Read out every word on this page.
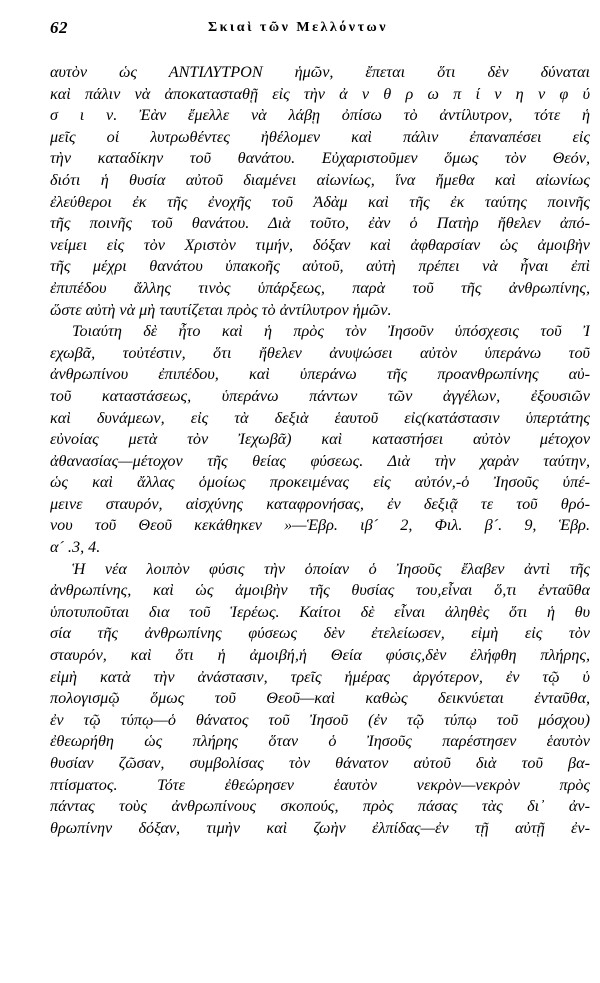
62	Σκιαὶ τῶν Μελλόντων
αυτὸν ὡς ΑΝΤΙΛΥΤΡΟΝ ἡμῶν, ἔπεται ὅτι δὲν δύναται
καὶ πάλιν νὰ ἀποκατασταθῇ εἰς τὴν ἀ ν θ ρ ω π ί ν η ν φ ύ
σ ι ν. Ἐὰν ἔμελλε νὰ λάβῃ ὀπίσω τὸ ἀντίλυτρον, τότε ἡ
μεῖς οἱ λυτρωθέντες ἠθέλομεν καὶ πάλιν ἐπαναπέσει εἰς
τὴν καταδίκην τοῦ θανάτου. Εὐχαριστοῦμεν ὅμως τὸν Θεόν,
διότι ἡ θυσία αὐτοῦ διαμένει αἰωνίως, ἵνα ἤμεθα καὶ αἰωνίως
ἐλεύθεροι ἐκ τῆς ἐνοχῆς τοῦ Ἀδὰμ καὶ τῆς ἐκ ταύτης ποινῆς
τῆς ποινῆς τοῦ θανάτου. Διὰ τοῦτο, ἐὰν ὁ Πατὴρ ἤθελεν ἀπό-
νείμει εἰς τὸν Χριστὸν τιμήν, δόξαν καὶ ἀφθαρσίαν ὡς ἀμοιβὴν
τῆς μέχρι θανάτου ὑπακοῆς αὐτοῦ, αὐτὴ πρέπει νὰ ἦναι ἐπὶ
ἐπιπέδου ἄλλης τινὸς ὑπάρξεως, παρὰ τοῦ τῆς ἀνθρωπίνης,
ὥστε αὐτὴ νὰ μὴ ταυτίζεται πρὸς τὸ ἀντίλυτρον ἡμῶν.
Τοιαύτη δὲ ἦτο καὶ ἡ πρὸς τὸν Ἰησοῦν ὑπόσχεσις τοῦ Ἰ
εχωβᾶ, τοὐτέστιν, ὅτι ἤθελεν ἀνυψώσει αὐτὸν ὑπεράνω τοῦ
ἀνθρωπίνου ἐπιπέδου, καὶ ὑπεράνω τῆς προανθρωπίνης αὐ-
τοῦ καταστάσεως, ὑπεράνω πάντων τῶν ἀγγέλων, ἐξουσιῶν
καὶ δυνάμεων, εἰς τὰ δεξιὰ ἑαυτοῦ εἰς(κατάστασιν ὑπερτάτης
εὐνοίας μετὰ τὸν Ἰεχωβᾶ) καὶ καταστήσει αὐτὸν μέτοχον
ἀθανασίας—μέτοχον τῆς θείας φύσεως. Διὰ τὴν χαρὰν ταύτην,
ὡς καὶ ἄλλας ὁμοίως προκειμένας εἰς αὐτόν,-ὁ Ἰησοῦς ὑπέ-
μεινε σταυρόν, αἰσχύνης καταφρονήσας, ἐν δεξιᾷ τε τοῦ θρό-
νου τοῦ Θεοῦ κεκάθηκεν »—Ἑβρ. ιβ´ 2, Φιλ. β´. 9, Ἑβρ.
α´ .3, 4.
Ἡ νέα λοιπὸν φύσις τὴν ὁποίαν ὁ Ἰησοῦς ἔλαβεν ἀντὶ τῆς
ἀνθρωπίνης, καὶ ὡς ἀμοιβὴν τῆς θυσίας του,εἶναι ὅ,τι ἐνταῦθα
ὑποτυποῦται δια τοῦ Ἱερέως. Καίτοι δὲ εἶναι ἀληθὲς ὅτι ἡ θυ
σία τῆς ἀνθρωπίνης φύσεως δὲν ἐτελείωσεν, εἰμὴ εἰς τὸν
σταυρόν, καὶ ὅτι ἡ ἀμοιβή,ἡ Θεία φύσις,δὲν ἐλήφθη πλήρης,
εἰμὴ κατὰ τὴν ἀνάστασιν, τρεῖς ἡμέρας ἀργότερον, ἐν τῷ ὑ
πολογισμῷ ὅμως τοῦ Θεοῦ—καὶ καθὼς δεικνύεται ἐνταῦθα,
ἐν τῷ τύπῳ—ὁ θάνατος τοῦ Ἰησοῦ (ἐν τῷ τύπῳ τοῦ μόσχου)
ἐθεωρήθη ὡς πλήρης ὅταν ὁ Ἰησοῦς παρέστησεν ἑαυτὸν
θυσίαν ζῶσαν, συμβολίσας τὸν θάνατον αὐτοῦ διὰ τοῦ βα-
πτίσματος. Τότε ἐθεώρησεν ἑαυτὸν νεκρὸν—νεκρὸν πρὸς
πάντας τοὺς ἀνθρωπίνους σκοπούς, πρὸς πάσας τὰς δι᾽ ἀν-
θρωπίνην δόξαν, τιμὴν καὶ ζωὴν ἐλπίδας—ἐν τῇ αὐτῇ ἐν-
